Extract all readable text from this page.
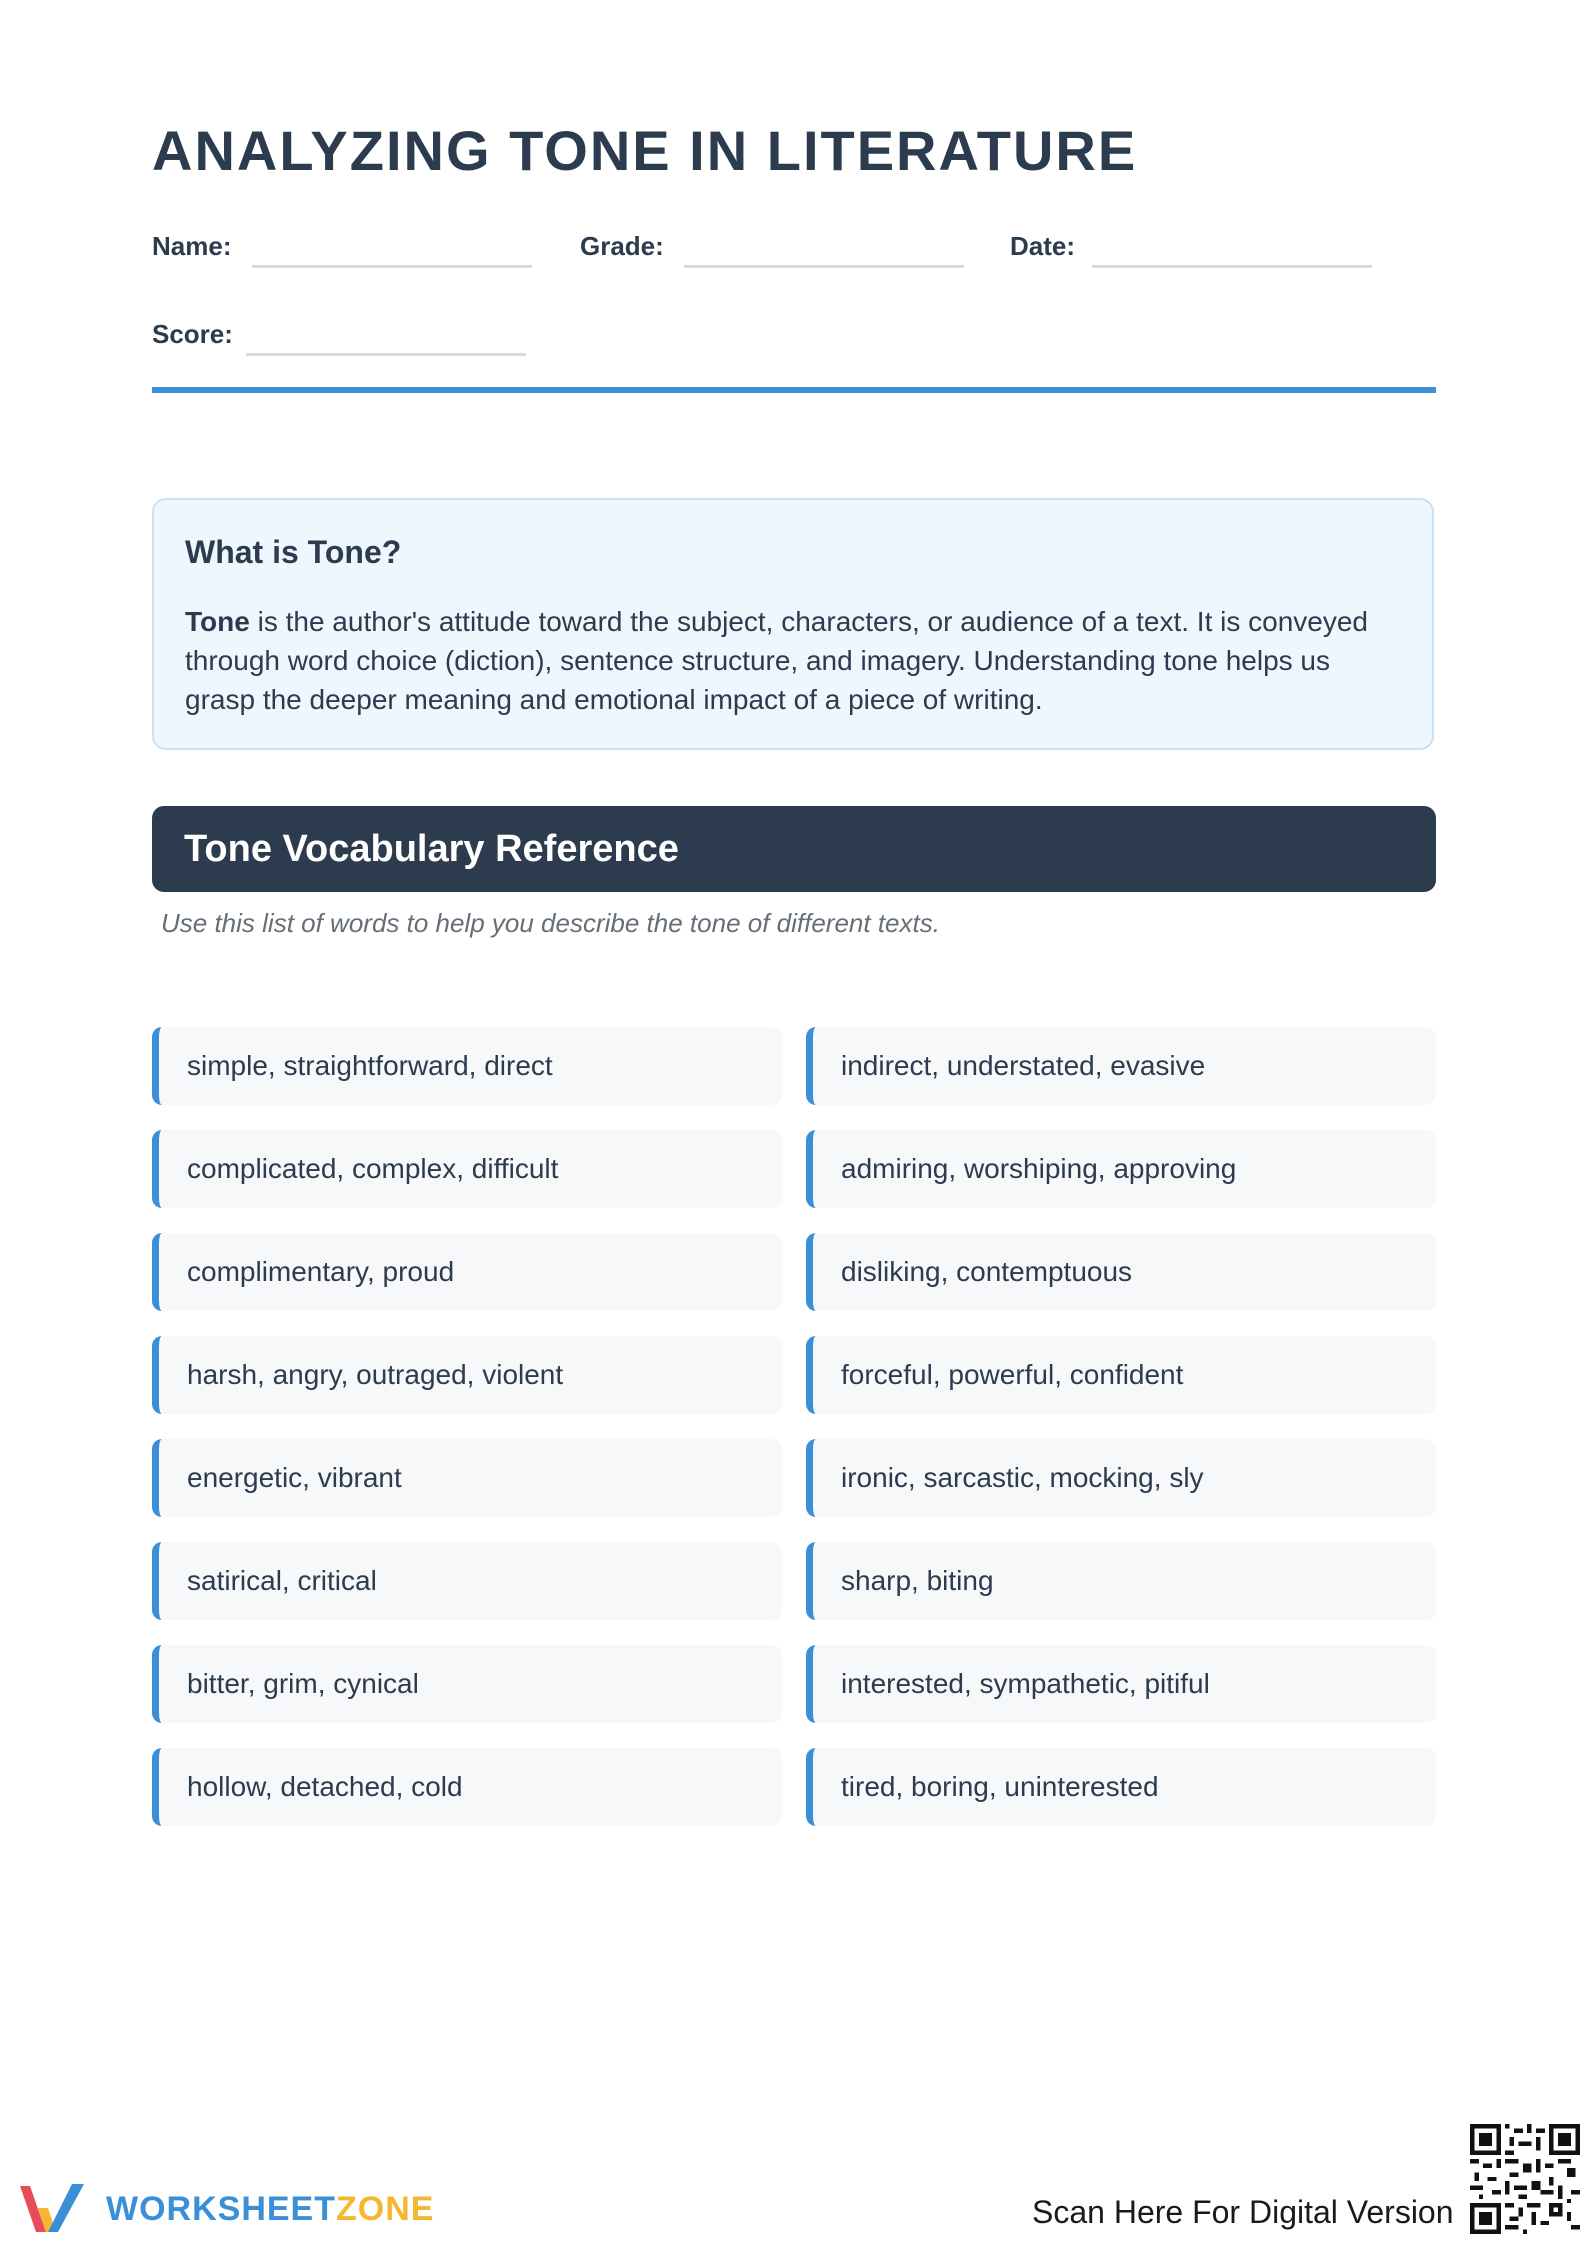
ANALYZING TONE IN LITERATURE
Name:	Grade:	Date:
Score:
What is Tone?

Tone is the author's attitude toward the subject, characters, or audience of a text. It is conveyed through word choice (diction), sentence structure, and imagery. Understanding tone helps us grasp the deeper meaning and emotional impact of a piece of writing.

Tone Vocabulary Reference

Use this list of words to help you describe the tone of different texts.

simple, straightforward, direct	indirect, understated, evasive
complicated, complex, difficult	admiring, worshiping, approving
complimentary, proud	disliking, contemptuous
harsh, angry, outraged, violent	forceful, powerful, confident
energetic, vibrant	ironic, sarcastic, mocking, sly
satirical, critical	sharp, biting
bitter, grim, cynical	interested, sympathetic, pitiful
hollow, detached, cold	tired, boring, uninterested
WORKSHEETZONE	Scan Here For Digital Version
